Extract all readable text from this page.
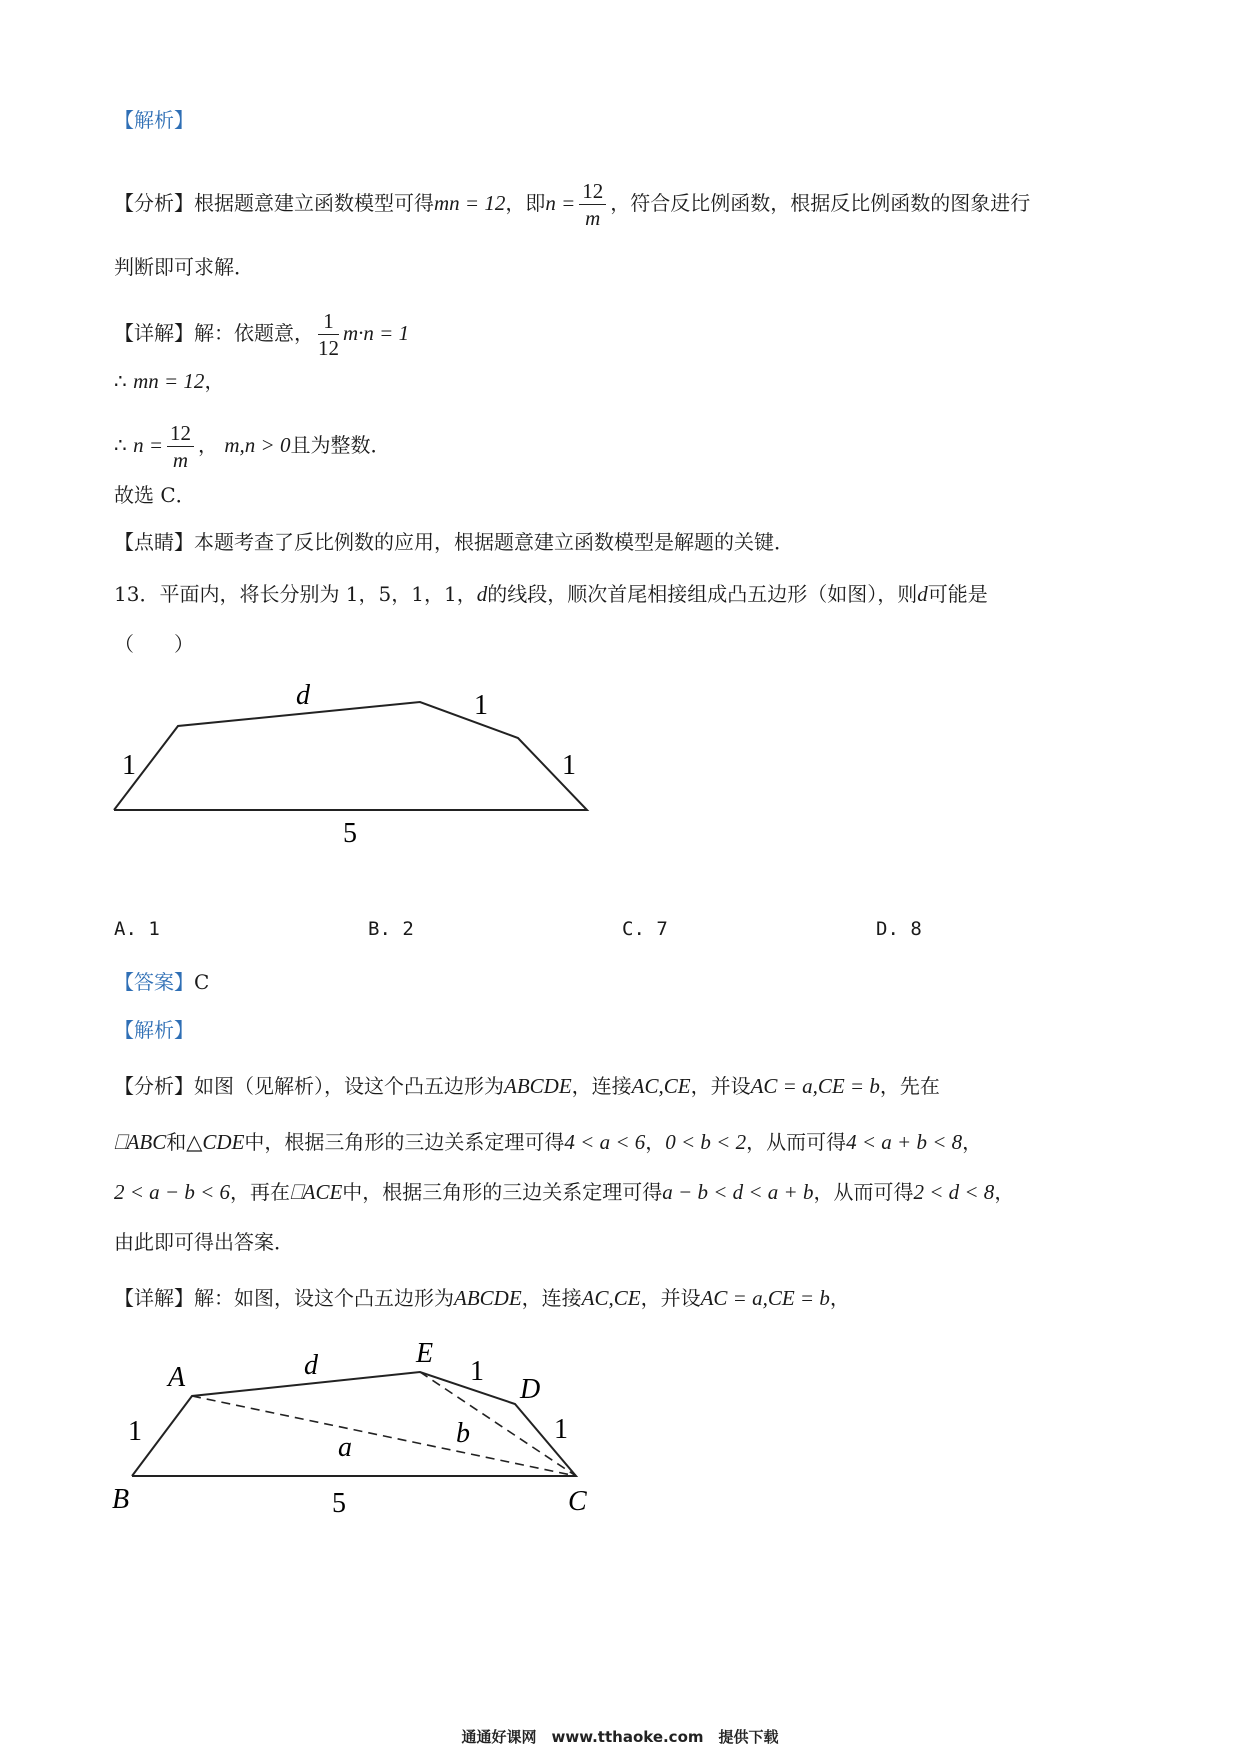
【解析】
【分析】根据题意建立函数模型可得mn = 12，即$n = \frac{12}{m}$ ，符合反比例函数，根据反比例函数的图象进行
判断即可求解．
【详解】解：依题意， $\frac{1}{12} m\cdot n = 1$
∴ mn = 12，
∴ $n = \frac{12}{m}$ ， m,n > 0且为整数．
故选 C．
【点睛】本题考查了反比例数的应用，根据题意建立函数模型是解题的关键．
13．平面内，将长分别为 1，5，1，1，d的线段，顺次首尾相接组成凸五边形（如图），则d可能是
（　　）
d	1
1	1
5
A. 1	B. 2	C. 7	D. 8
【答案】C
【解析】
【分析】如图（见解析），设这个凸五边形为ABCDE，连接AC,CE，并设AC = a,CE = b，先在
⎕ABC和△CDE中，根据三角形的三边关系定理可得4 < a < 6，0 < b < 2，从而可得4 < a + b < 8，
2 < a − b < 6，再在⎕ACE中，根据三角形的三边关系定理可得a − b < d < a + b，从而可得2 < d < 8，
由此即可得出答案．
【详解】解：如图，设这个凸五边形为ABCDE，连接AC,CE，并设AC = a,CE = b，
A
B	C
D
E
d	1
1	1
a	b
5
通通好课网　www.tthaoke.com　提供下载
